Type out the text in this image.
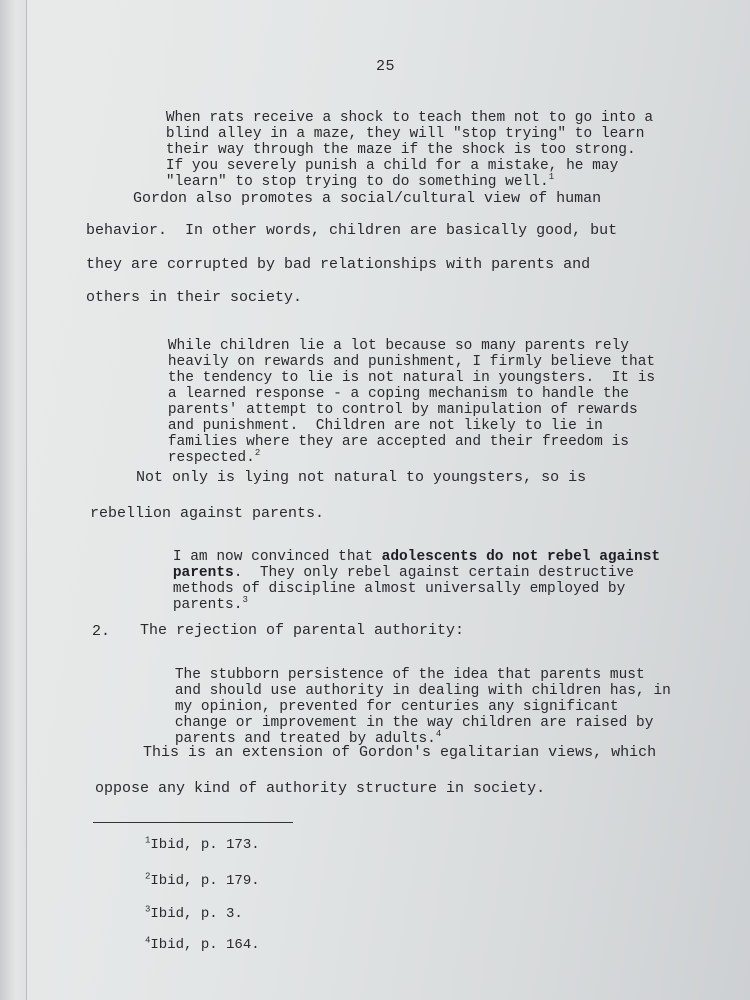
25

When rats receive a shock to teach them not to go into a
blind alley in a maze, they will "stop trying" to learn
their way through the maze if the shock is too strong.
If you severely punish a child for a mistake, he may
"learn" to stop trying to do something well.$^1$

Gordon also promotes a social/cultural view of human
behavior.  In other words, children are basically good, but
they are corrupted by bad relationships with parents and
others in their society.

While children lie a lot because so many parents rely
heavily on rewards and punishment, I firmly believe that
the tendency to lie is not natural in youngsters.  It is
a learned response - a coping mechanism to handle the
parents' attempt to control by manipulation of rewards
and punishment.  Children are not likely to lie in
families where they are accepted and their freedom is
respected.$^2$

Not only is lying not natural to youngsters, so is
rebellion against parents.

I am now convinced that adolescents do not rebel against
parents.  They only rebel against certain destructive
methods of discipline almost universally employed by
parents.$^3$

2. The rejection of parental authority:

The stubborn persistence of the idea that parents must
and should use authority in dealing with children has, in
my opinion, prevented for centuries any significant
change or improvement in the way children are raised by
parents and treated by adults.$^4$

This is an extension of Gordon's egalitarian views, which
oppose any kind of authority structure in society.
$^1$Ibid, p. 173.
$^2$Ibid, p. 179.
$^3$Ibid, p. 3.
$^4$Ibid, p. 164.
